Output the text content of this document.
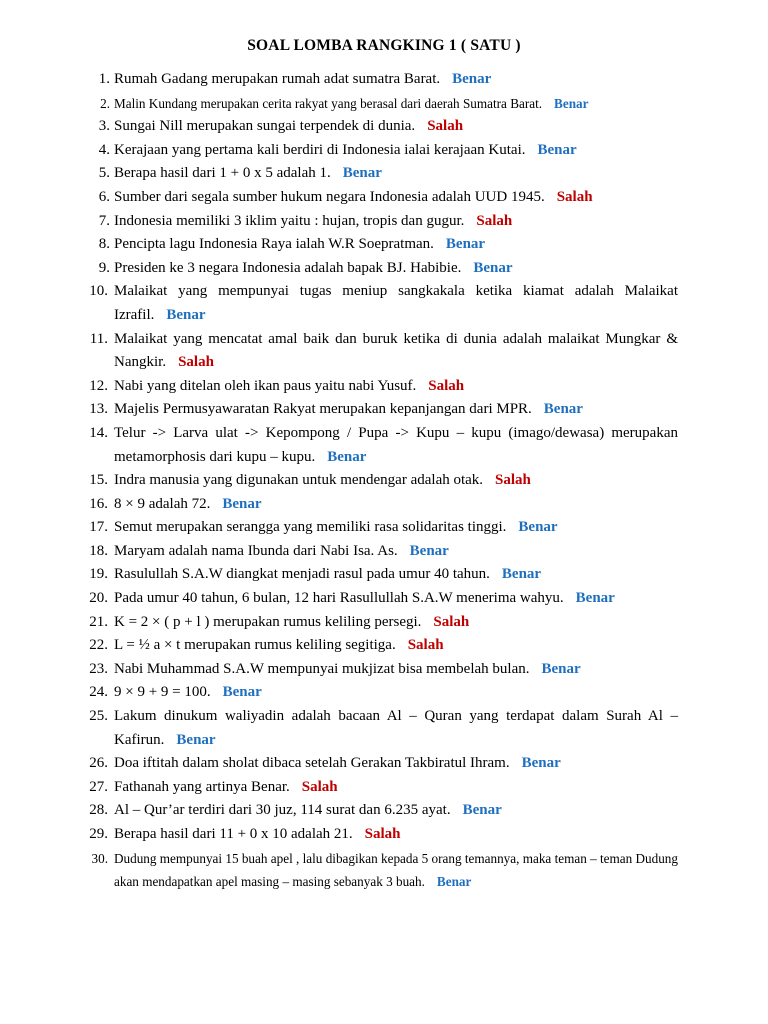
SOAL LOMBA RANGKING 1 ( SATU )
1. Rumah Gadang merupakan rumah adat sumatra Barat. Benar
2. Malin Kundang merupakan cerita rakyat yang berasal dari daerah Sumatra Barat. Benar
3. Sungai Nill merupakan sungai terpendek di dunia. Salah
4. Kerajaan yang pertama kali berdiri di Indonesia ialai kerajaan Kutai. Benar
5. Berapa hasil dari 1 + 0 x 5 adalah 1. Benar
6. Sumber dari segala sumber hukum negara Indonesia adalah UUD 1945. Salah
7. Indonesia memiliki 3 iklim yaitu : hujan, tropis dan gugur. Salah
8. Pencipta lagu Indonesia Raya ialah W.R Soepratman. Benar
9. Presiden ke 3 negara Indonesia adalah bapak BJ. Habibie. Benar
10. Malaikat yang mempunyai tugas meniup sangkakala ketika kiamat adalah Malaikat Izrafil. Benar
11. Malaikat yang mencatat amal baik dan buruk ketika di dunia adalah malaikat Mungkar & Nangkir. Salah
12. Nabi yang ditelan oleh ikan paus yaitu nabi Yusuf. Salah
13. Majelis Permusyawaratan Rakyat merupakan kepanjangan dari MPR. Benar
14. Telur -> Larva ulat -> Kepompong / Pupa -> Kupu – kupu (imago/dewasa) merupakan metamorphosis dari kupu – kupu. Benar
15. Indra manusia yang digunakan untuk mendengar adalah otak. Salah
16. 8 × 9 adalah 72. Benar
17. Semut merupakan serangga yang memiliki rasa solidaritas tinggi. Benar
18. Maryam adalah nama Ibunda dari Nabi Isa. As. Benar
19. Rasulullah S.A.W diangkat menjadi rasul pada umur 40 tahun. Benar
20. Pada umur 40 tahun, 6 bulan, 12 hari Rasullullah S.A.W menerima wahyu. Benar
21. K = 2 × ( p + l ) merupakan rumus keliling persegi. Salah
22. L = ½ a × t merupakan rumus keliling segitiga. Salah
23. Nabi Muhammad S.A.W mempunyai mukjizat bisa membelah bulan. Benar
24. 9 × 9 + 9 = 100. Benar
25. Lakum dinukum waliyadin adalah bacaan Al – Quran yang terdapat dalam Surah Al – Kafirun. Benar
26. Doa iftitah dalam sholat dibaca setelah Gerakan Takbiratul Ihram. Benar
27. Fathanah yang artinya Benar. Salah
28. Al – Qur’ar terdiri dari 30 juz, 114 surat dan 6.235 ayat. Benar
29. Berapa hasil dari 11 + 0 x 10 adalah 21. Salah
30. Dudung mempunyai 15 buah apel , lalu dibagikan kepada 5 orang temannya, maka teman – teman Dudung akan mendapatkan apel masing – masing sebanyak 3 buah. Benar
